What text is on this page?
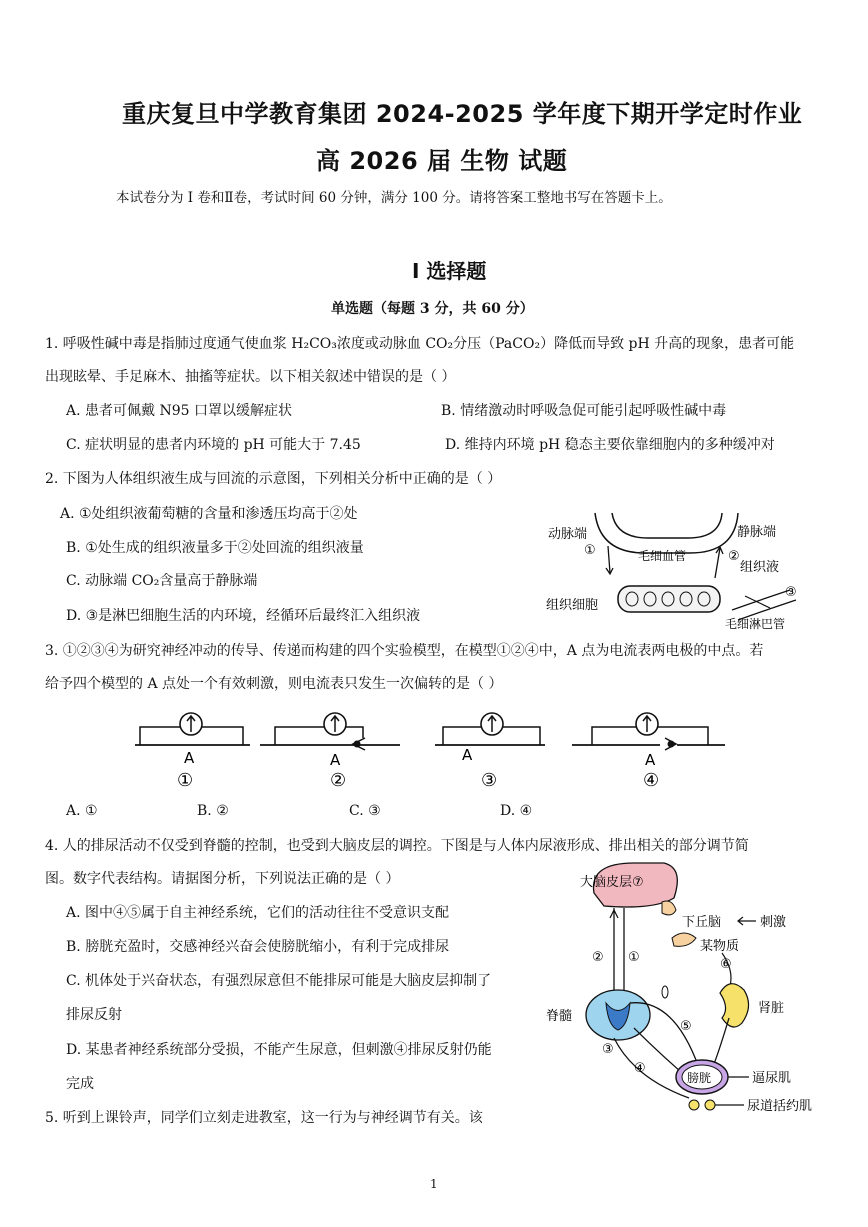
重庆复旦中学教育集团 2024-2025 学年度下期开学定时作业
高 2026 届 生物 试题
本试卷分为 I 卷和Ⅱ卷，考试时间 60 分钟，满分 100 分。请将答案工整地书写在答题卡上。
I 选择题
单选题（每题 3 分，共 60 分）
1. 呼吸性碱中毒是指肺过度通气使血浆 H₂CO₃浓度或动脉血 CO₂分压（PaCO₂）降低而导致 pH 升高的现象，患者可能
出现眩晕、手足麻木、抽搐等症状。以下相关叙述中错误的是（ ）
A. 患者可佩戴 N95 口罩以缓解症状	B. 情绪激动时呼吸急促可能引起呼吸性碱中毒
C. 症状明显的患者内环境的 pH 可能大于 7.45	D. 维持内环境 pH 稳态主要依靠细胞内的多种缓冲对
2. 下图为人体组织液生成与回流的示意图，下列相关分析中正确的是（ ）
A. ①处组织液葡萄糖的含量和渗透压均高于②处
B. ①处生成的组织液量多于②处回流的组织液量
C. 动脉端 CO₂含量高于静脉端
D. ③是淋巴细胞生活的内环境，经循环后最终汇入组织液
动脉端	静脉端
毛细血管
①	②
组织液
组织细胞
③
毛细淋巴管
3. ①②③④为研究神经冲动的传导、传递而构建的四个实验模型，在模型①②④中，A 点为电流表两电极的中点。若
给予四个模型的 A 点处一个有效刺激，则电流表只发生一次偏转的是（ ）
A
①
A
②
A
③
A
④
A. ①	B. ②	C. ③	D. ④
4. 人的排尿活动不仅受到脊髓的控制，也受到大脑皮层的调控。下图是与人体内尿液形成、排出相关的部分调节简
图。数字代表结构。请据图分析，下列说法正确的是（ ）
A. 图中④⑤属于自主神经系统，它们的活动往往不受意识支配
B. 膀胱充盈时，交感神经兴奋会使膀胱缩小，有利于完成排尿
C. 机体处于兴奋状态，有强烈尿意但不能排尿可能是大脑皮层抑制了
排尿反射
D. 某患者神经系统部分受损，不能产生尿意，但刺激④排尿反射仍能
完成
大脑皮层⑦
下丘脑	刺激
某物质
⑥
肾脏
② ①
脊髓
⑤
④
③
膀胱	逼尿肌
尿道括约肌
5. 听到上课铃声，同学们立刻走进教室，这一行为与神经调节有关。该
1
